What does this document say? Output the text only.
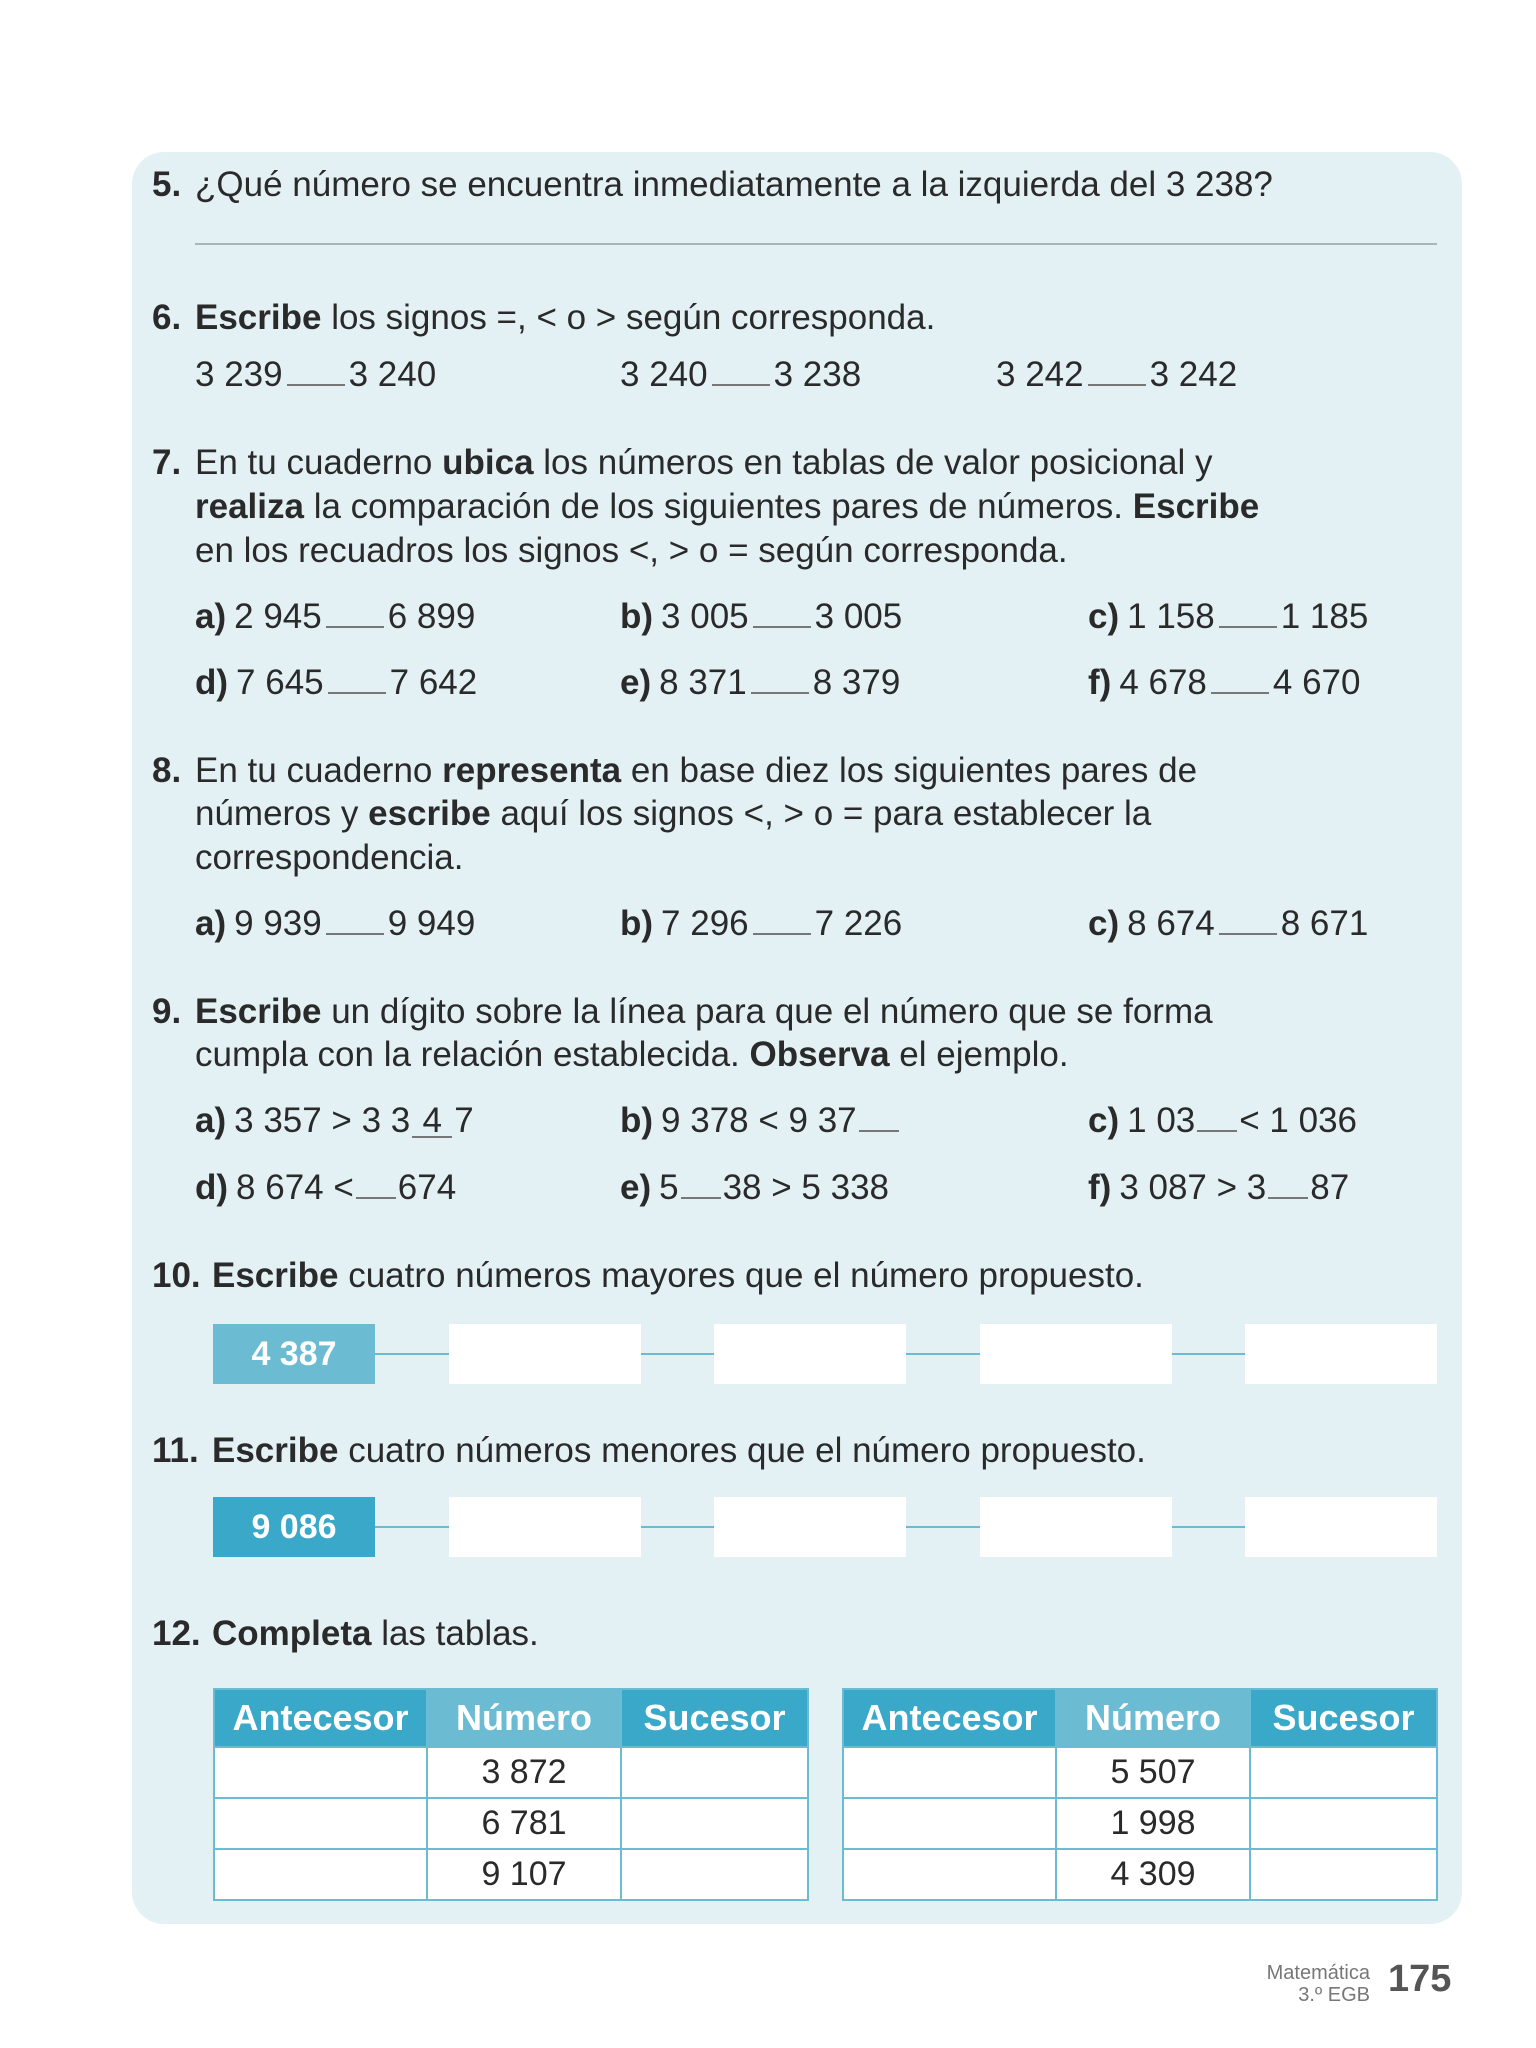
5. ¿Qué número se encuentra inmediatamente a la izquierda del 3 238?
6. Escribe los signos =, < o > según corresponda.
3 239 3 240	3 240 3 238	3 242 3 242
7. En tu cuaderno ubica los números en tablas de valor posicional y
realiza la comparación de los siguientes pares de números. Escribe
en los recuadros los signos <, > o = según corresponda.
a) 2 945 6 899	b) 3 005 3 005	c) 1 158 1 185
d) 7 645 7 642	e) 8 371 8 379	f) 4 678 4 670
8. En tu cuaderno representa en base diez los siguientes pares de
números y escribe aquí los signos <, > o = para establecer la
correspondencia.
a) 9 939 9 949	b) 7 296 7 226	c) 8 674 8 671
9. Escribe un dígito sobre la línea para que el número que se forma
cumpla con la relación establecida. Observa el ejemplo.
a) 3 357 > 3 3 4 7	b) 9 378 < 9 37	c) 1 03 < 1 036
d) 8 674 < 674	e) 5 38 > 5 338	f) 3 087 > 3 87
10. Escribe cuatro números mayores que el número propuesto.
4 387
11. Escribe cuatro números menores que el número propuesto.
9 086
12. Completa las tablas.
Antecesor	Número	Sucesor
	3 872	
	6 781	
	9 107	
Antecesor	Número	Sucesor
	5 507	
	1 998	
	4 309	
Matemática
3.º EGB 175
